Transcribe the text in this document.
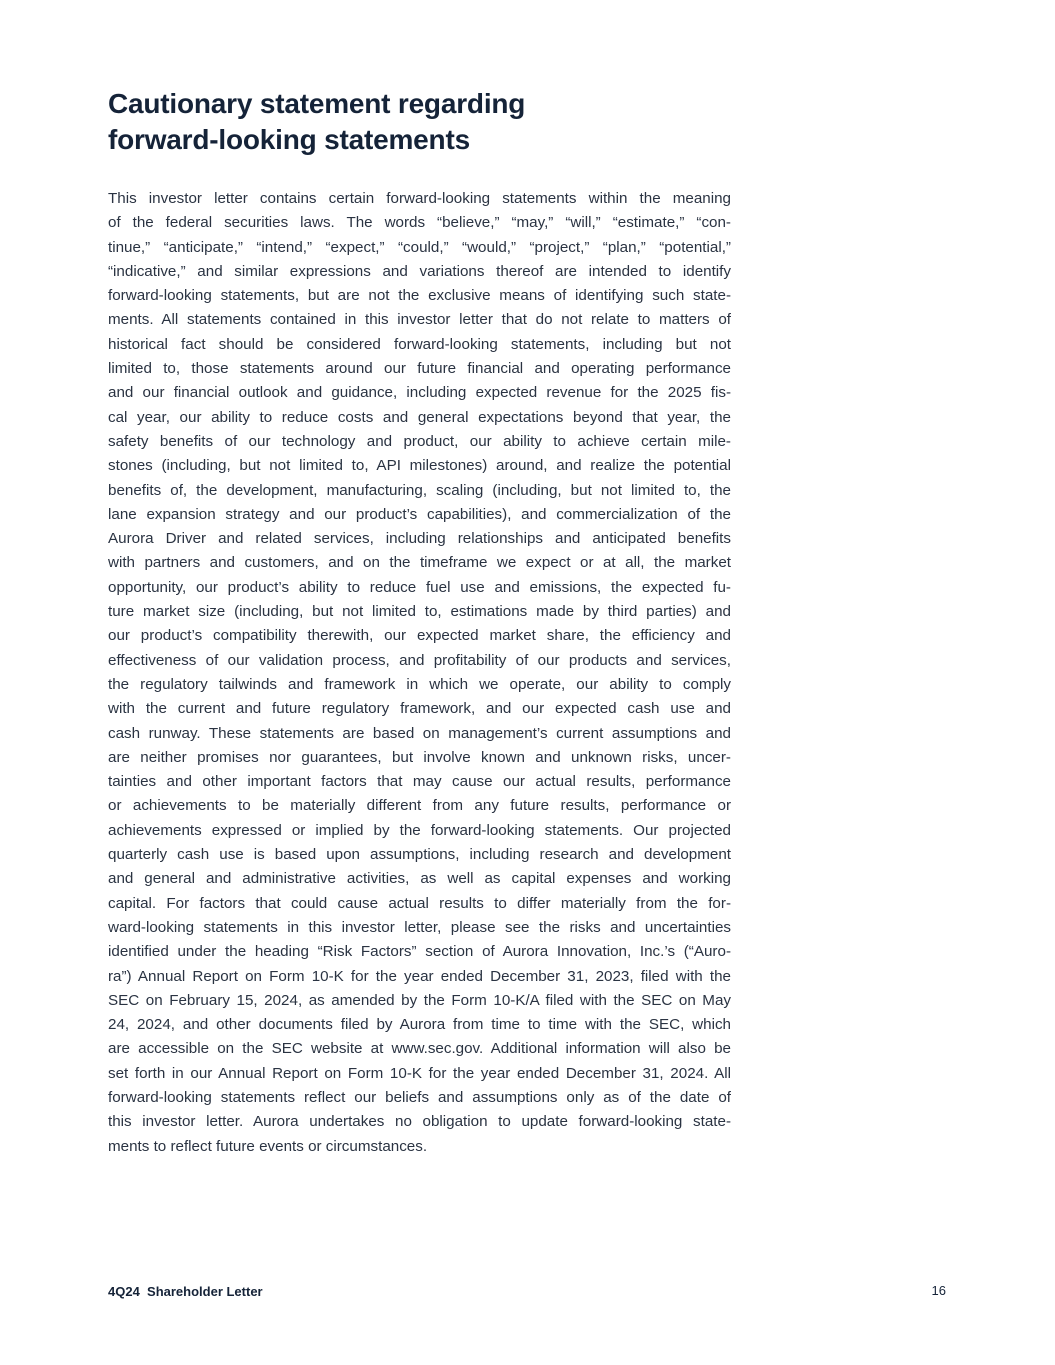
Cautionary statement regarding
forward-looking statements
This investor letter contains certain forward-looking statements within the meaning
of the federal securities laws. The words “believe,” “may,” “will,” “estimate,” “con-
tinue,” “anticipate,” “intend,” “expect,” “could,” “would,” “project,” “plan,” “potential,”
“indicative,” and similar expressions and variations thereof are intended to identify
forward-looking statements, but are not the exclusive means of identifying such state-
ments. All statements contained in this investor letter that do not relate to matters of
historical fact should be considered forward-looking statements, including but not
limited to, those statements around our future financial and operating performance
and our financial outlook and guidance, including expected revenue for the 2025 fis-
cal year, our ability to reduce costs and general expectations beyond that year, the
safety benefits of our technology and product, our ability to achieve certain mile-
stones (including, but not limited to, API milestones) around, and realize the potential
benefits of, the development, manufacturing, scaling (including, but not limited to, the
lane expansion strategy and our product’s capabilities), and commercialization of the
Aurora Driver and related services, including relationships and anticipated benefits
with partners and customers, and on the timeframe we expect or at all, the market
opportunity, our product’s ability to reduce fuel use and emissions, the expected fu-
ture market size (including, but not limited to, estimations made by third parties) and
our product’s compatibility therewith, our expected market share, the efficiency and
effectiveness of our validation process, and profitability of our products and services,
the regulatory tailwinds and framework in which we operate, our ability to comply
with the current and future regulatory framework, and our expected cash use and
cash runway. These statements are based on management’s current assumptions and
are neither promises nor guarantees, but involve known and unknown risks, uncer-
tainties and other important factors that may cause our actual results, performance
or achievements to be materially different from any future results, performance or
achievements expressed or implied by the forward-looking statements. Our projected
quarterly cash use is based upon assumptions, including research and development
and general and administrative activities, as well as capital expenses and working
capital. For factors that could cause actual results to differ materially from the for-
ward-looking statements in this investor letter, please see the risks and uncertainties
identified under the heading “Risk Factors” section of Aurora Innovation, Inc.’s (“Auro-
ra”) Annual Report on Form 10-K for the year ended December 31, 2023, filed with the
SEC on February 15, 2024, as amended by the Form 10-K/A filed with the SEC on May
24, 2024, and other documents filed by Aurora from time to time with the SEC, which
are accessible on the SEC website at www.sec.gov. Additional information will also be
set forth in our Annual Report on Form 10-K for the year ended December 31, 2024. All
forward-looking statements reflect our beliefs and assumptions only as of the date of
this investor letter. Aurora undertakes no obligation to update forward-looking state-
ments to reflect future events or circumstances.
4Q24  Shareholder Letter	16
